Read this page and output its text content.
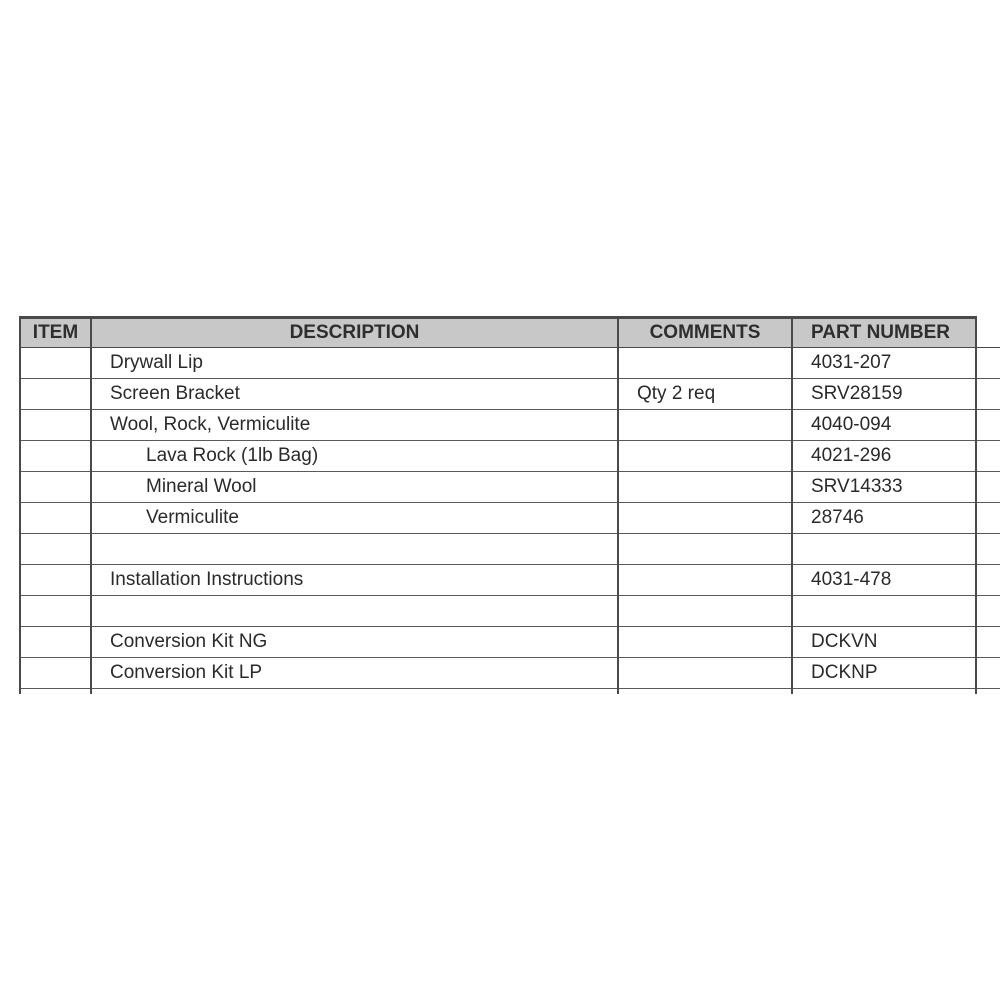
ITEM	DESCRIPTION	COMMENTS	PART NUMBER	
	Drywall Lip		4031-207	
	Screen Bracket	Qty 2 req	SRV28159	
	Wool, Rock, Vermiculite		4040-094	
	Lava Rock (1lb Bag)		4021-296	
	Mineral Wool		SRV14333	
	Vermiculite		28746	

	Installation Instructions		4031-478	

	Conversion Kit NG		DCKVN	
	Conversion Kit LP		DCKNP	
